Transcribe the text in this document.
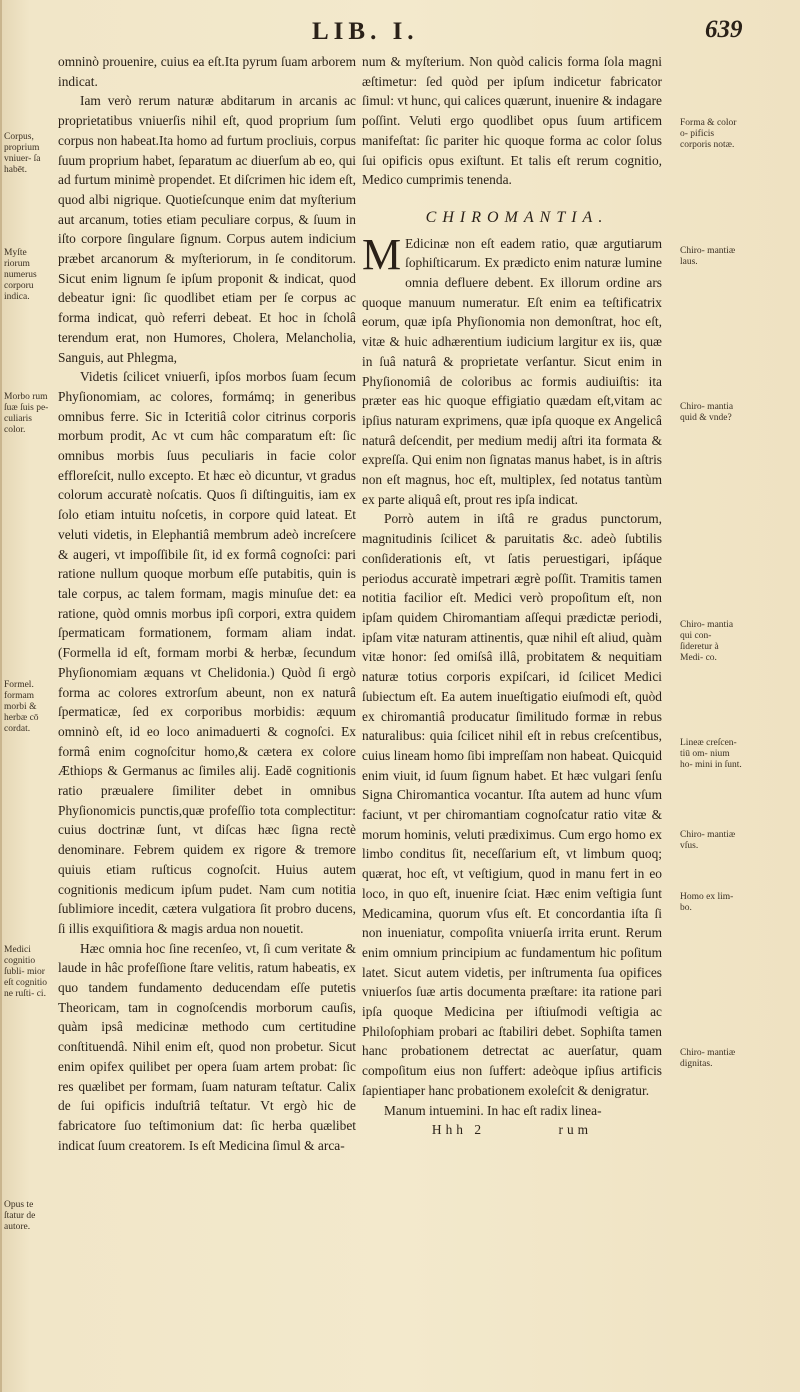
LIB. I.	639

omninò prouenire, cuius ea eſt.Ita pyrum ſuam arborem indicat.

Iam verò rerum naturæ abditarum in arcanis ac proprietatibus vniuerſis nihil eſt, quod proprium ſum corpus non habeat.Ita homo ad furtum procliuis, corpus ſuum proprium habet, ſeparatum ac diuerſum ab eo, qui ad furtum minimè propendet. Et diſcrimen hic idem eſt, quod albi nigrique. Quotieſcunque enim dat myſterium aut arcanum, toties etiam peculiare corpus, & ſuum in iſto corpore ſingulare ſignum. Corpus autem indicium præbet arcanorum & myſteriorum, in ſe conditorum. Sicut enim lignum ſe ipſum proponit & indicat, quod debeatur igni: ſic quodlibet etiam per ſe corpus ac forma indicat, quò referri debeat. Et hoc in ſcholâ terendum erat, non Humores, Cholera, Melancholia, Sanguis, aut Phlegma,

Videtis ſcilicet vniuerſi, ipſos morbos ſuam ſecum Phyſionomiam, ac colores, formámq; in generibus omnibus ferre. Sic in Icteritiâ color citrinus corporis morbum prodit, Ac vt cum hâc comparatum eſt: ſic omnibus morbis ſuus peculiaris in facie color effloreſcit, nullo excepto. Et hæc eò dicuntur, vt gradus colorum accuratè noſcatis. Quos ſi diſtinguitis, iam ex ſolo etiam intuitu noſcetis, in corpore quid lateat. Et veluti videtis, in Elephantiâ membrum adeò increſcere & augeri, vt impoſſibile ſit, id ex formâ cognoſci: pari ratione nullum quoque morbum eſſe putabitis, quin is tale corpus, ac talem formam, magis minuſue det: ea ratione, quòd omnis morbus ipſi corpori, extra quidem ſpermaticam formationem, formam aliam indat. (Formella id eſt, formam morbi & herbæ, ſecundum Phyſionomiam æquans vt Chelidonia.) Quòd ſi ergò forma ac colores extrorſum abeunt, non ex naturâ ſpermaticæ, ſed ex corporibus morbidis: æquum omninò eſt, id eo loco animaduerti & cognoſci. Ex formâ enim cognoſcitur homo,& cætera ex colore Æthiops & Germanus ac ſimiles alij. Eadē cognitionis ratio præualere ſimiliter debet in omnibus Phyſionomicis punctis,quæ profeſſio tota complectitur: cuius doctrinæ ſunt, vt diſcas hæc ſigna rectè denominare. Febrem quidem ex rigore & tremore quiuis etiam ruſticus cognoſcit. Huius autem cognitionis medicum ipſum pudet. Nam cum notitia ſublimiore incedit, cætera vulgatiora ſit probro ducens, ſi illis exquiſitiora & magis ardua non nouetit.

Hæc omnia hoc ſine recenſeo, vt, ſi cum veritate & laude in hâc profeſſione ſtare velitis, ratum habeatis, ex quo tandem fundamento deducendam eſſe putetis Theoricam, tam in cognoſcendis morborum cauſis, quàm ipsâ medicinæ methodo cum certitudine conſtituendâ. Nihil enim eſt, quod non probetur. Sicut enim opifex quilibet per opera ſuam artem probat: ſic res quælibet per formam, ſuam naturam teſtatur. Calix de ſui opificis induſtriâ teſtatur. Vt ergò hic de fabricatore ſuo teſtimonium dat: ſic herba quælibet indicat ſuum creatorem. Is eſt Medicina ſimul & arca-

num & myſterium. Non quòd calicis forma ſola magni æſtimetur: ſed quòd per ipſum indicetur fabricator ſimul: vt hunc, qui calices quærunt, inuenire & indagare poſſint. Veluti ergo quodlibet opus ſuum artificem manifeſtat: ſic pariter hic quoque forma ac color ſolus ſui opificis opus exiſtunt. Et talis eſt rerum cognitio, Medico cumprimis tenenda.

CHIROMANTIA.

M Edicinæ non eſt eadem ratio, quæ argutiarum ſophiſticarum. Ex prædicto enim naturæ lumine omnia defluere debent. Ex illorum ordine ars quoque manuum numeratur. Eſt enim ea teſtificatrix eorum, quæ ipſa Phyſionomia non demonſtrat, hoc eſt, vitæ & huic adhærentium iudicium largitur ex iis, quæ in ſuâ naturâ & proprietate verſantur. Sicut enim in Phyſionomiâ de coloribus ac formis audiuiſtis: ita præter eas hic quoque effigiatio quædam eſt,vitam ac ipſius naturam exprimens, quæ ipſa quoque ex Angelicâ naturâ deſcendit, per medium medij aſtri ita formata & expreſſa. Qui enim non ſignatas manus habet, is in aſtris non eſt magnus, hoc eſt, multiplex, ſed notatus tantùm ex parte aliquâ eſt, prout res ipſa indicat.

Porrò autem in iſtâ re gradus punctorum, magnitudinis ſcilicet & paruitatis &c. adeò ſubtilis conſiderationis eſt, vt ſatis peruestigari, ipſáque periodus accuratè impetrari ægrè poſſit. Tramitis tamen notitia facilior eſt. Medici verò propoſitum eſt, non ipſam quidem Chiromantiam aſſequi prædictæ periodi, ipſam vitæ naturam attinentis, quæ nihil eſt aliud, quàm vitæ honor: ſed omiſsâ illâ, probitatem & nequitiam naturæ totius corporis expiſcari, id ſcilicet Medici ſubiectum eſt. Ea autem inueſtigatio eiuſmodi eſt, quòd ex chiromantiâ producatur ſimilitudo formæ in rebus naturalibus: quia ſcilicet nihil eſt in rebus creſcentibus, cuius lineam homo ſibi impreſſam non habeat. Quicquid enim viuit, id ſuum ſignum habet. Et hæc vulgari ſenſu Signa Chiromantica vocantur. Iſta autem ad hunc vſum faciunt, vt per chiromantiam cognoſcatur ratio vitæ & morum hominis, veluti prædiximus. Cum ergo homo ex limbo conditus ſit, neceſſarium eſt, vt limbum quoq; quærat, hoc eſt, vt veſtigium, quod in manu fert in eo loco, in quo eſt, inuenire ſciat. Hæc enim veſtigia ſunt Medicamina, quorum vſus eſt. Et concordantia iſta ſi non inueniatur, compoſita vniuerſa irrita erunt. Rerum enim omnium principium ac fundamentum hic poſitum latet. Sicut autem videtis, per inſtrumenta ſua opifices vniuerſos ſuæ artis documenta præſtare: ita ratione pari ipſa quoque Medicina per iſtiuſmodi veſtigia ac Philoſophiam probari ac ſtabiliri debet. Sophiſta tamen hanc probationem detrectat ac auerſatur, quam compoſitum eius non ſuffert: adeòque ipſius artificis ſapientiaper hanc probationem exoleſcit & denigratur.

Manum intuemini. In hac eſt radix linea-

Hhh 2	rum

Corpus, proprium vniuer- ſa habēt.
Myſte riorum numerus corporu indica.
Morbo rum ſuæ ſuis pe- culiaris color.
Formel. formam morbi & herbæ cō cordat.
Medici cognitio ſubli- mior eſt cognitio ne ruſti- ci.
Opus te ſtatur de autore.
Forma & color o- pificis corporis notæ.
Chiro- mantiæ laus.
Chiro- mantia quid & vnde?
Chiro- mantia qui con- ſideretur à Medi- co.
Lineæ creſcen- tiū om- nium ho- mini in ſunt.
Chiro- mantiæ vſus.
Homo ex lim- bo.
Chiro- mantiæ dignitas.
